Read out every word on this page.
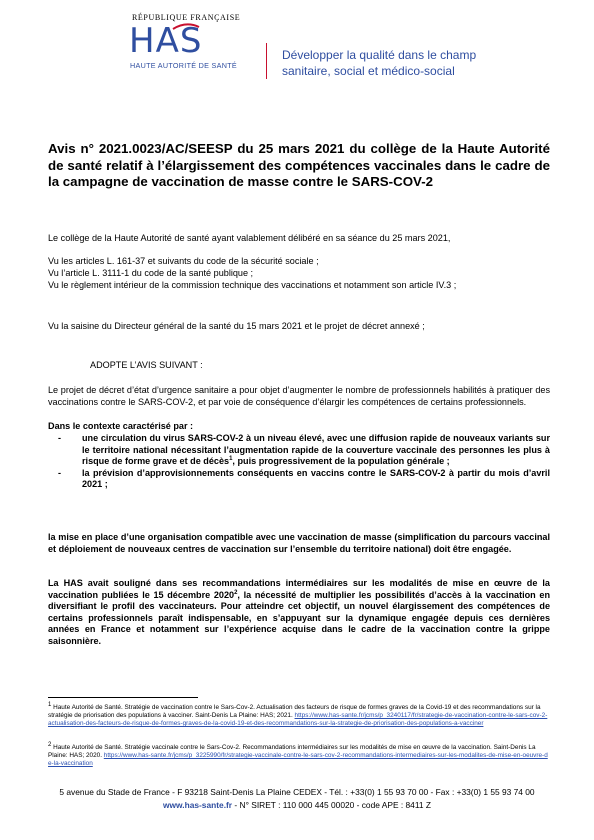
RÉPUBLIQUE FRANÇAISE
HAS
HAUTE AUTORITÉ DE SANTÉ
Développer la qualité dans le champ
sanitaire, social et médico-social
Avis n° 2021.0023/AC/SEESP du 25 mars 2021 du collège de la Haute Autorité de santé relatif à l’élargissement des compétences vaccinales dans le cadre de la campagne de vaccination de masse contre le SARS-COV-2
Le collège de la Haute Autorité de santé ayant valablement délibéré en sa séance du 25 mars 2021,
Vu les articles L. 161-37 et suivants du code de la sécurité sociale ;
Vu l’article L. 3111-1 du code de la santé publique ;
Vu le règlement intérieur de la commission technique des vaccinations et notamment son article IV.3 ;
Vu la saisine du Directeur général de la santé du 15 mars 2021 et le projet de décret annexé ;
ADOPTE L’AVIS SUIVANT :
Le projet de décret d’état d’urgence sanitaire a pour objet d’augmenter le nombre de professionnels habilités à pratiquer des vaccinations contre le SARS-COV-2, et par voie de conséquence d’élargir les compétences de certains professionnels.
Dans le contexte caractérisé par :
- une circulation du virus SARS-COV-2 à un niveau élevé, avec une diffusion rapide de nouveaux variants sur le territoire national nécessitant l’augmentation rapide de la couverture vaccinale des personnes les plus à risque de forme grave et de décès$^1$, puis progressivement de la population générale ;
- la prévision d’approvisionnements conséquents en vaccins contre le SARS-COV-2 à partir du mois d’avril 2021 ;
la mise en place d’une organisation compatible avec une vaccination de masse (simplification du parcours vaccinal et déploiement de nouveaux centres de vaccination sur l’ensemble du territoire national) doit être engagée.
La HAS avait souligné dans ses recommandations intermédiaires sur les modalités de mise en œuvre de la vaccination publiées le 15 décembre 2020$^2$, la nécessité de multiplier les possibilités d’accès à la vaccination en diversifiant le profil des vaccinateurs. Pour atteindre cet objectif, un nouvel élargissement des compétences de certains professionnels paraît indispensable, en s’appuyant sur la dynamique engagée depuis ces dernières années en France et notamment sur l’expérience acquise dans le cadre de la vaccination contre la grippe saisonnière.
$^1$ Haute Autorité de Santé. Stratégie de vaccination contre le Sars-Cov-2. Actualisation des facteurs de risque de formes graves de la Covid-19 et des recommandations sur la stratégie de priorisation des populations à vacciner. Saint-Denis La Plaine: HAS; 2021. https://www.has-sante.fr/jcms/p_3240117/fr/strategie-de-vaccination-contre-le-sars-cov-2-actualisation-des-facteurs-de-risque-de-formes-graves-de-la-covid-19-et-des-recommandations-sur-la-strategie-de-priorisation-des-populations-a-vacciner
$^2$ Haute Autorité de Santé. Stratégie vaccinale contre le Sars-Cov-2. Recommandations intermédiaires sur les modalités de mise en œuvre de la vaccination. Saint-Denis La Plaine: HAS; 2020. https://www.has-sante.fr/jcms/p_3225990/fr/strategie-vaccinale-contre-le-sars-cov-2-recommandations-intermediaires-sur-les-modalites-de-mise-en-oeuvre-de-la-vaccination
5 avenue du Stade de France - F 93218 Saint-Denis La Plaine CEDEX - Tél. : +33(0) 1 55 93 70 00 - Fax : +33(0) 1 55 93 74 00
www.has-sante.fr - N° SIRET : 110 000 445 00020 - code APE : 8411 Z
